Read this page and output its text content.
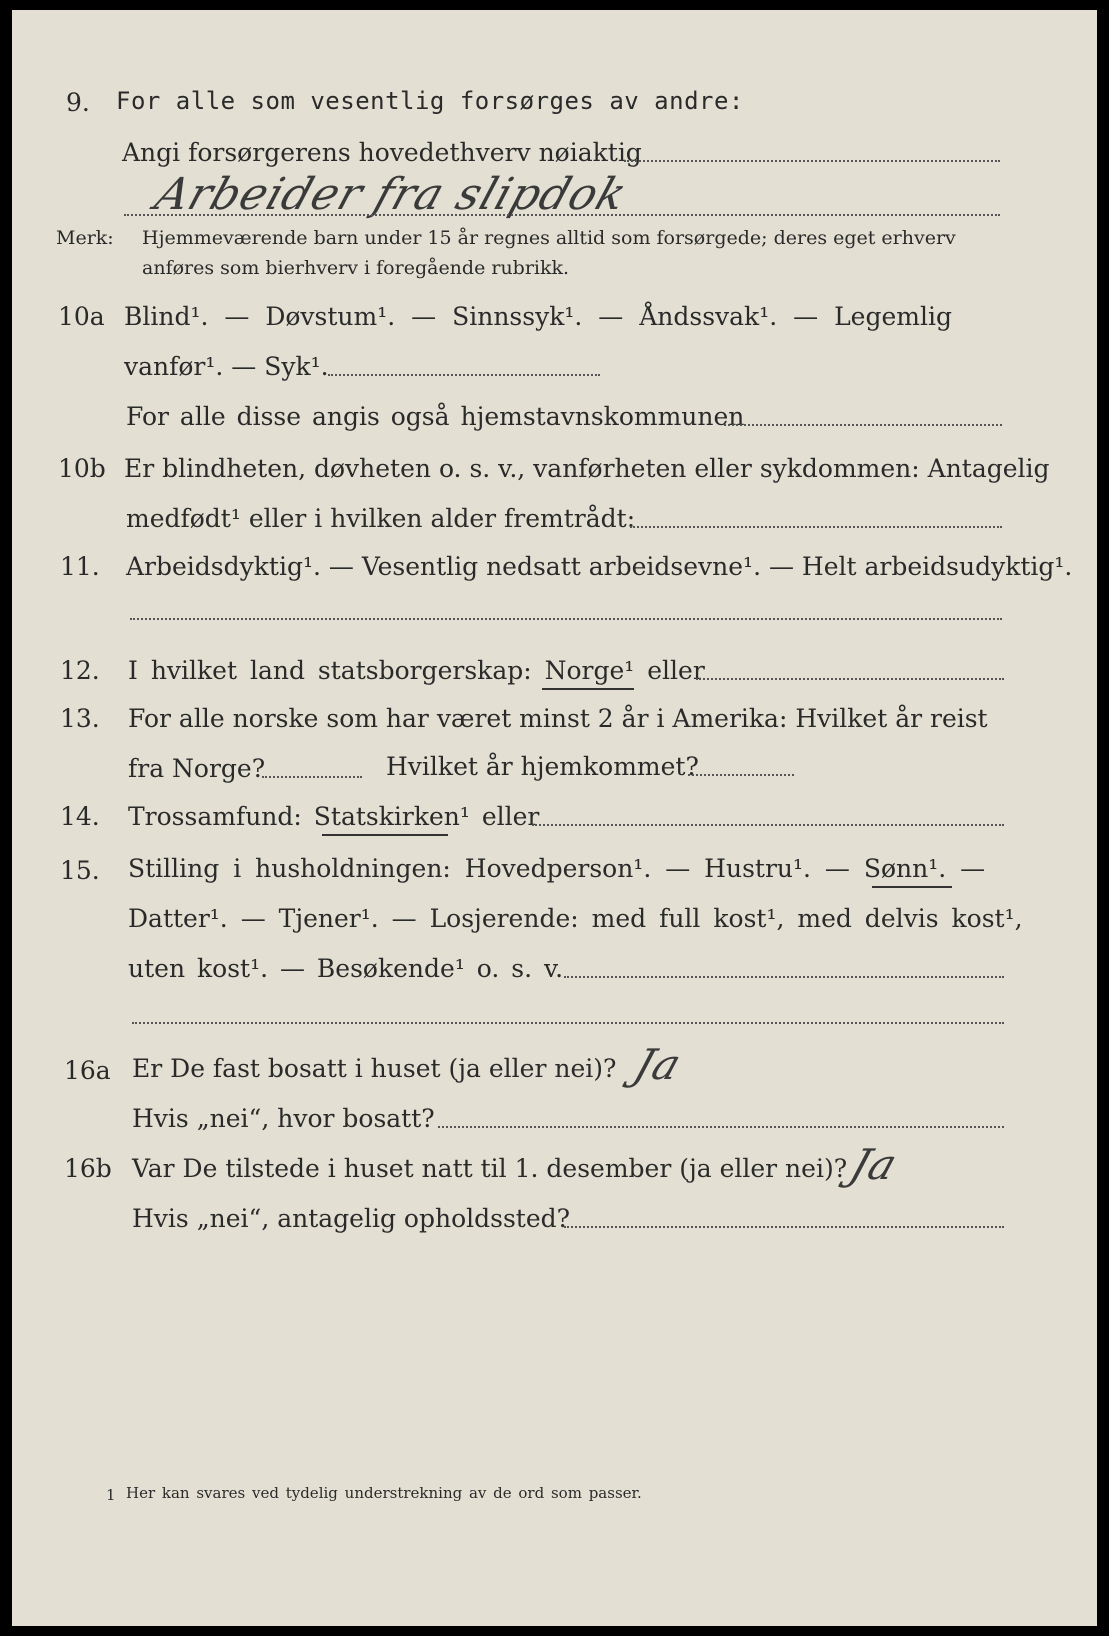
9. For alle som vesentlig forsørges av andre:
Angi forsørgerens hovedethverv nøiaktig
Arbeider fra slipdok
Merk: Hjemmeværende barn under 15 år regnes alltid som forsørgede; deres eget erhverv
anføres som bierhverv i foregående rubrikk.
10a Blind¹. — Døvstum¹. — Sinnssyk¹. — Åndssvak¹. — Legemlig
vanfør¹. — Syk¹.
For alle disse angis også hjemstavnskommunen
10b Er blindheten, døvheten o. s. v., vanførheten eller sykdommen: Antagelig
medfødt¹ eller i hvilken alder fremtrådt:
11. Arbeidsdyktig¹. — Vesentlig nedsatt arbeidsevne¹. — Helt arbeidsudyktig¹.
12. I hvilket land statsborgerskap: Norge¹ eller
13. For alle norske som har været minst 2 år i Amerika: Hvilket år reist
fra Norge?	Hvilket år hjemkommet?
14. Trossamfund: Statskirken¹ eller
15. Stilling i husholdningen: Hovedperson¹. — Hustru¹. — Sønn¹. —
Datter¹. — Tjener¹. — Losjerende: med full kost¹, med delvis kost¹,
uten kost¹. — Besøkende¹ o. s. v.
16a Er De fast bosatt i huset (ja eller nei)? Ja
Hvis „nei“, hvor bosatt?
16b Var De tilstede i huset natt til 1. desember (ja eller nei)?
Ja
Hvis „nei“, antagelig opholdssted?
1 Her kan svares ved tydelig understrekning av de ord som passer.
